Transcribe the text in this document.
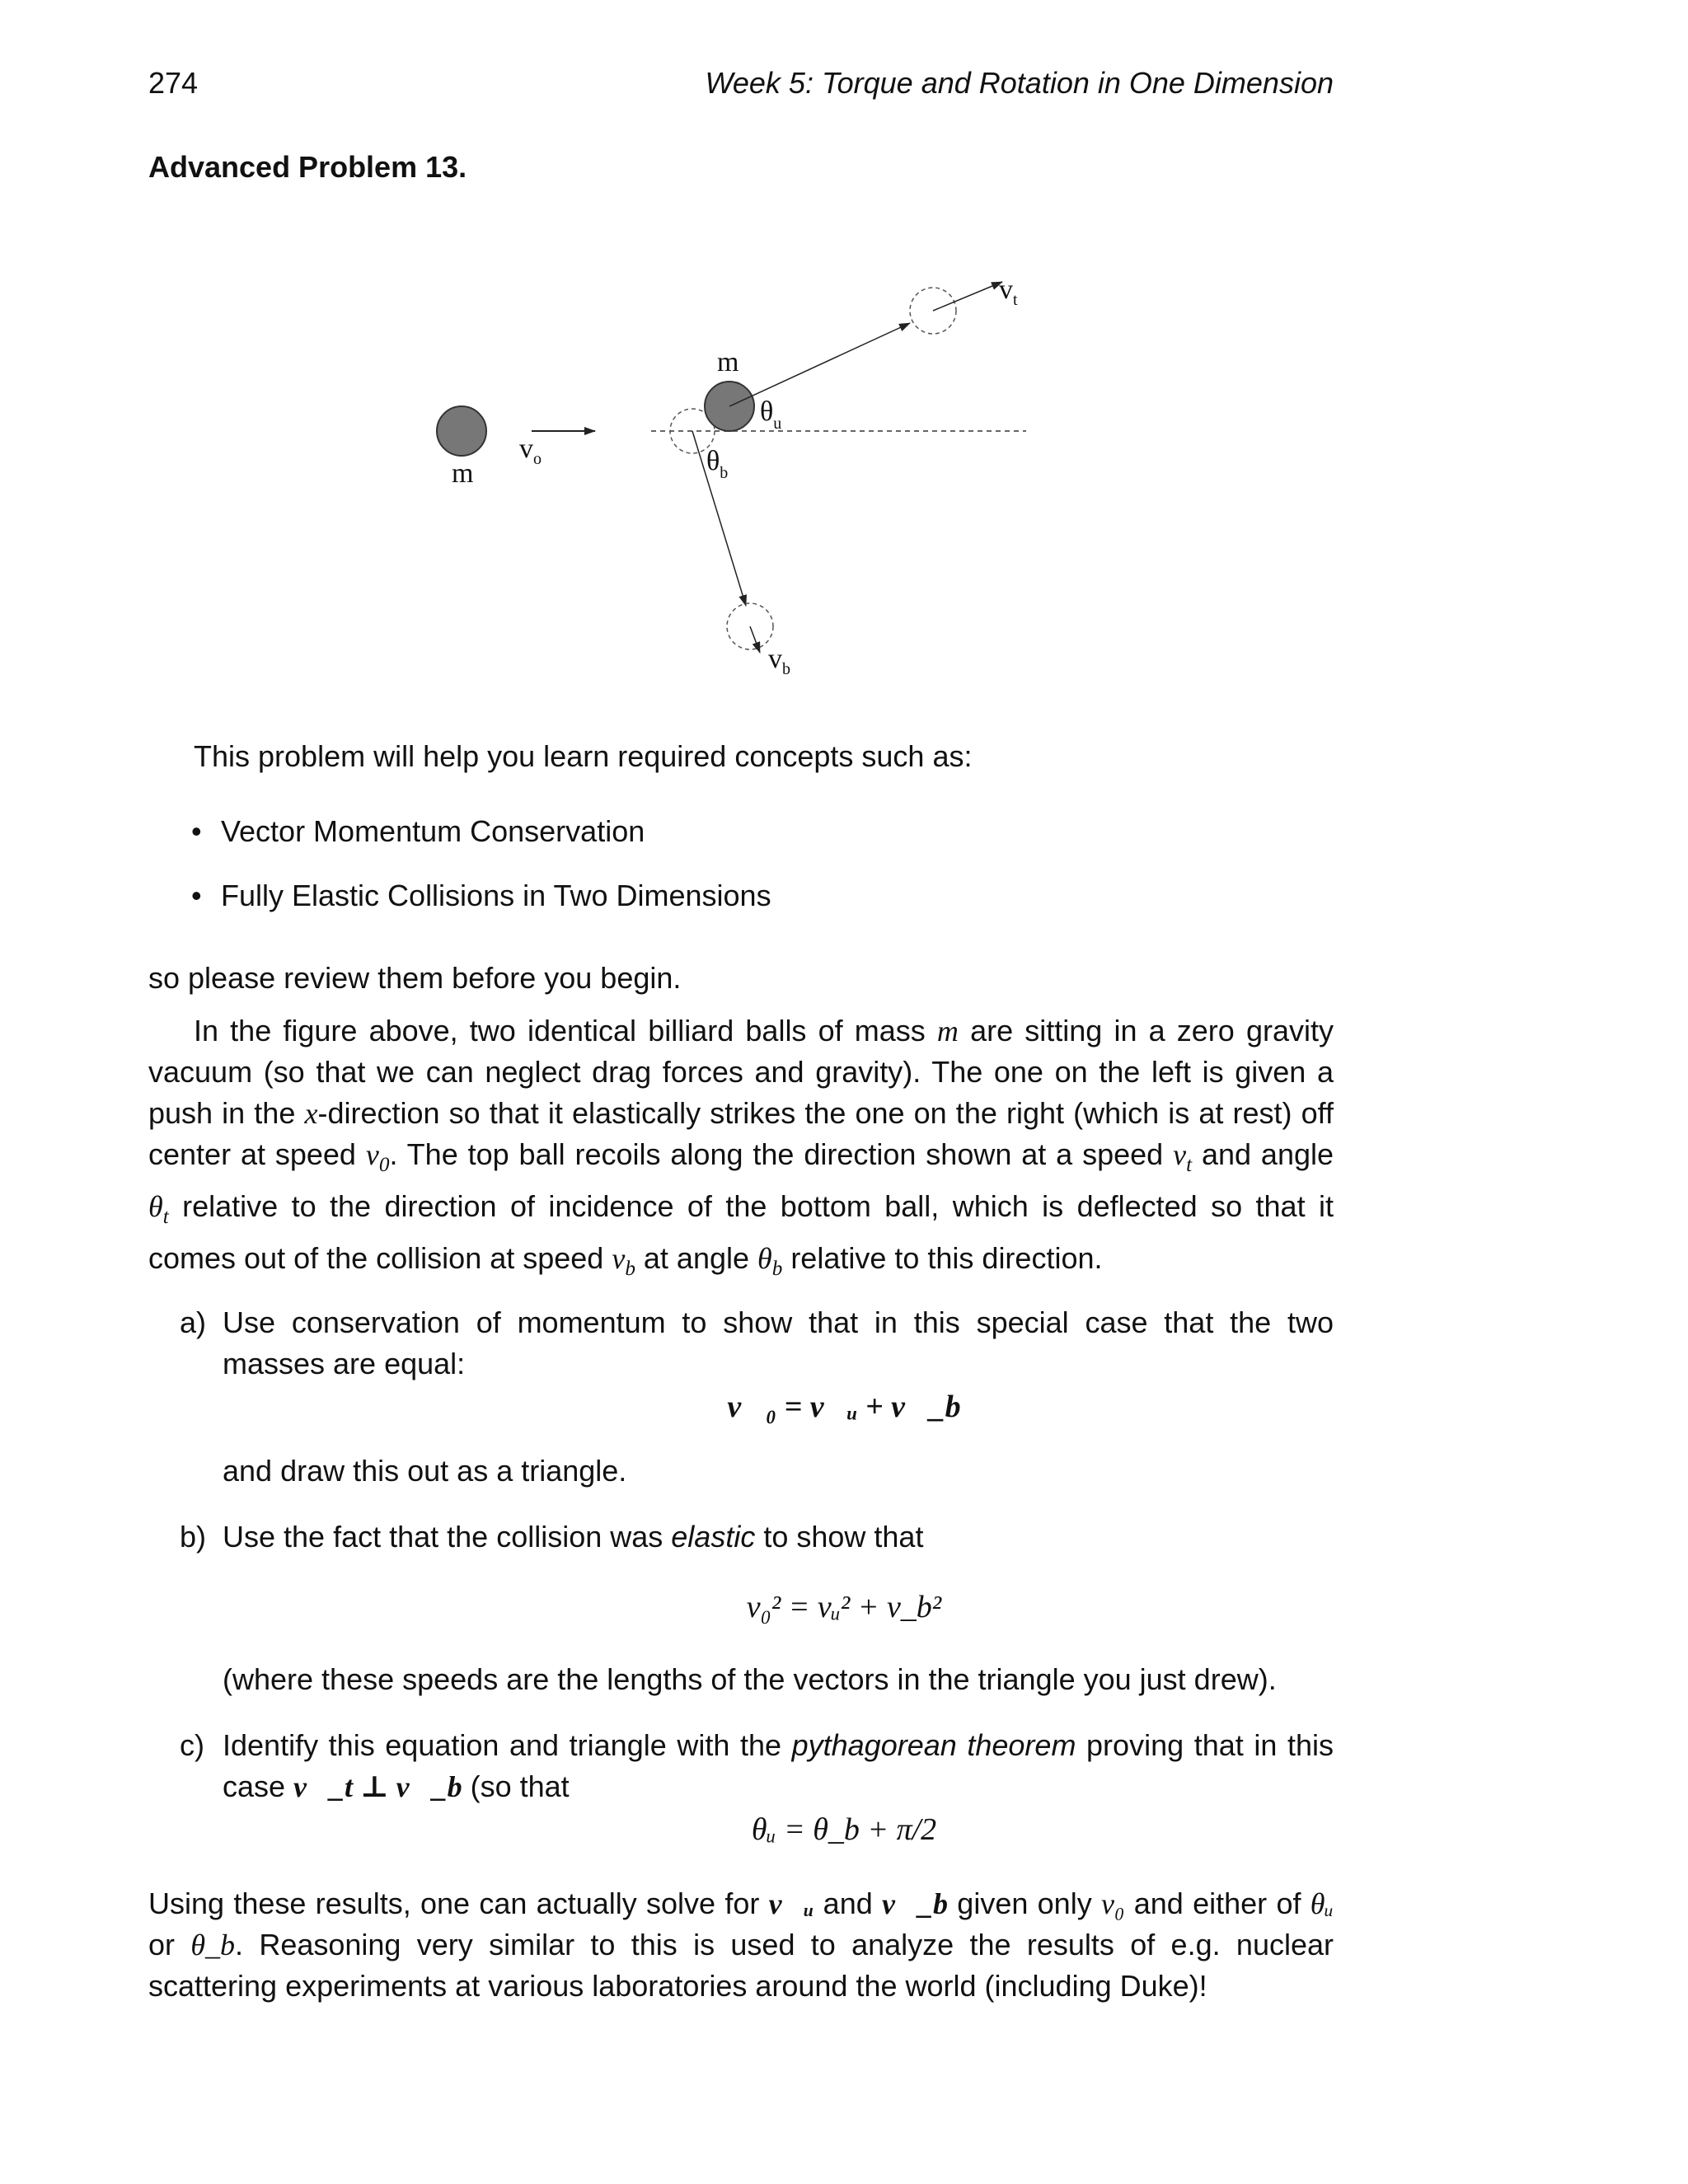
274	Week 5: Torque and Rotation in One Dimension
Advanced Problem 13.
$v_o$
m
m
$v_t$
$\theta_u$
$v_b$
$\theta_b$
This problem will help you learn required concepts such as:
• Vector Momentum Conservation
• Fully Elastic Collisions in Two Dimensions
so please review them before you begin.
In the figure above, two identical billiard balls of mass m are sitting in a zero gravity vacuum (so that we can neglect drag forces and gravity). The one on the left is given a push in the x-direction so that it elastically strikes the one on the right (which is at rest) off center at speed $v_0$. The top ball recoils along the direction shown at a speed $v_t$ and angle $\theta_t$ relative to the direction of incidence of the bottom ball, which is deflected so that it comes out of the collision at speed $v_b$ at angle $\theta_b$ relative to this direction.
a) Use conservation of momentum to show that in this special case that the two masses are equal:
v⃗₀ = v⃗ᵤ + v⃗_b
and draw this out as a triangle.
b) Use the fact that the collision was elastic to show that
v₀² = vᵤ² + v_b²
(where these speeds are the lengths of the vectors in the triangle you just drew).
c) Identify this equation and triangle with the pythagorean theorem proving that in this case v⃗_t ⊥ v⃗_b (so that
θᵤ = θ_b + π/2
Using these results, one can actually solve for v⃗ᵤ and v⃗_b given only v₀ and either of θᵤ or θ_b. Reasoning very similar to this is used to analyze the results of e.g. nuclear scattering experiments at various laboratories around the world (including Duke)!
